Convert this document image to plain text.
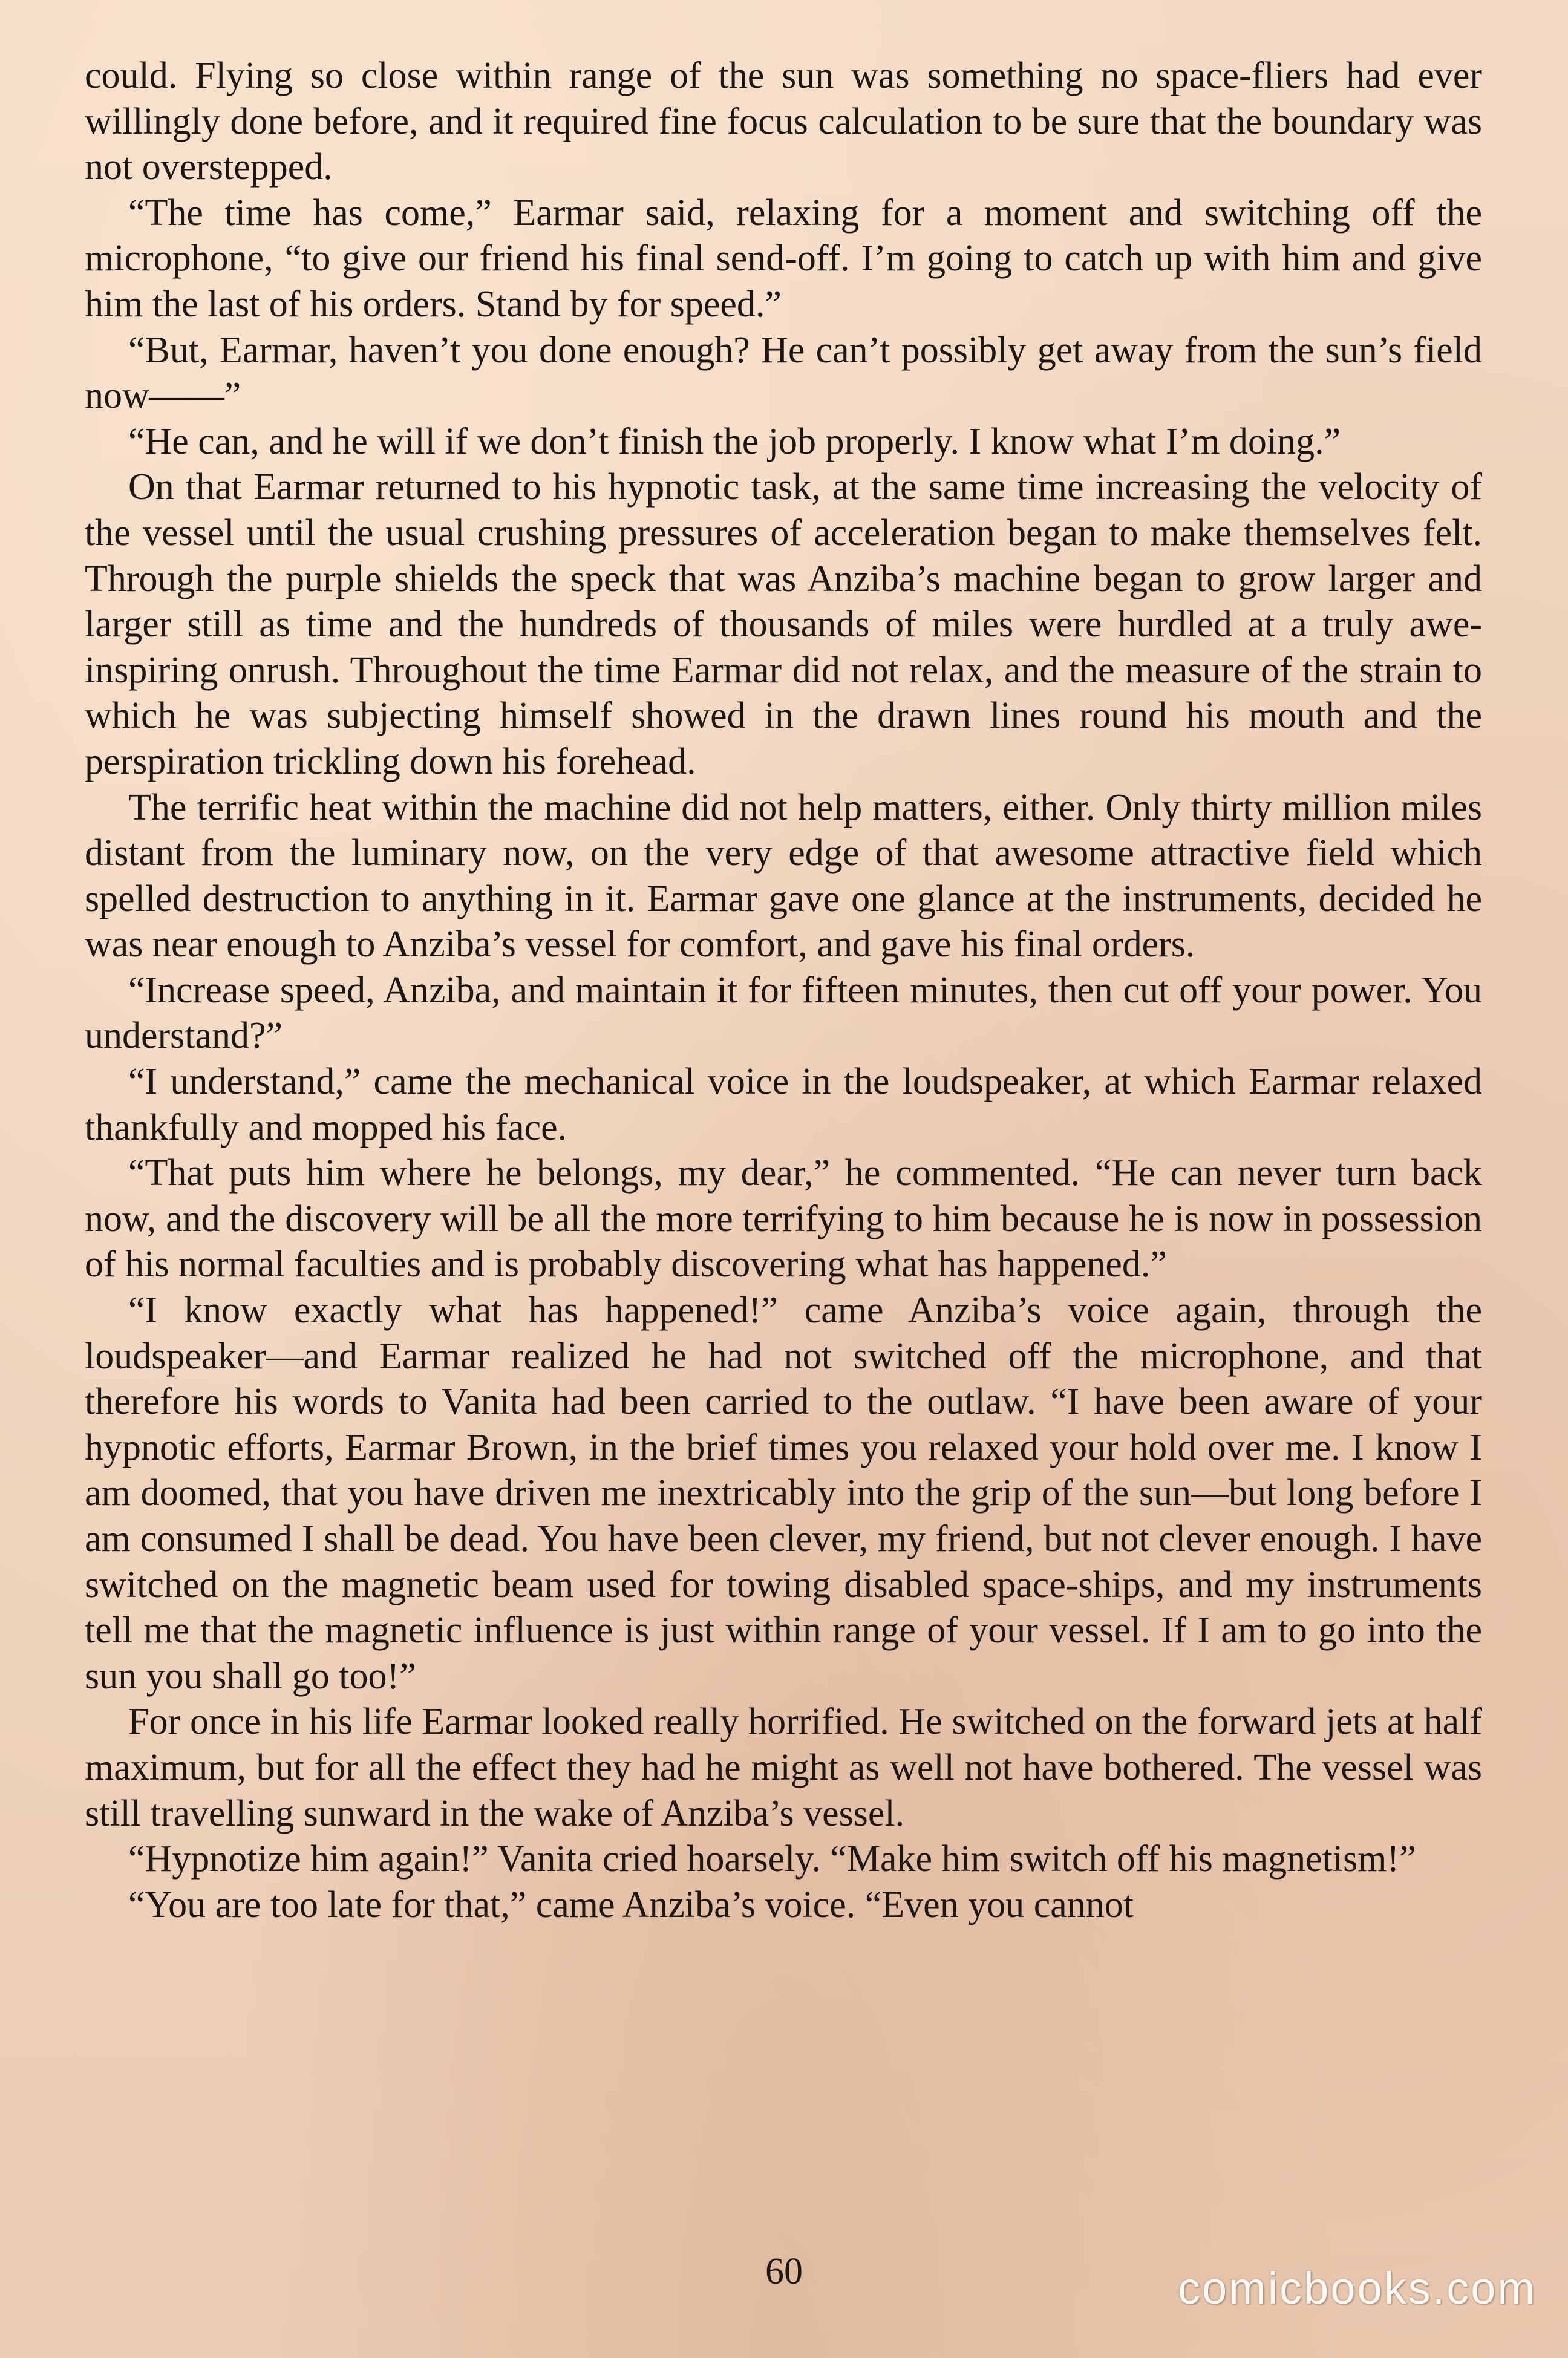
could. Flying so close within range of the sun was something no space-fliers had ever willingly done before, and it required fine focus calculation to be sure that the boundary was not overstepped.

“The time has come,” Earmar said, relaxing for a moment and switching off the microphone, “to give our friend his final send-off. I’m going to catch up with him and give him the last of his orders. Stand by for speed.”

“But, Earmar, haven’t you done enough? He can’t possibly get away from the sun’s field now——”

“He can, and he will if we don’t finish the job properly. I know what I’m doing.”

On that Earmar returned to his hypnotic task, at the same time increasing the velocity of the vessel until the usual crushing pressures of acceleration began to make themselves felt. Through the purple shields the speck that was Anziba’s machine began to grow larger and larger still as time and the hundreds of thousands of miles were hurdled at a truly awe-inspiring onrush. Throughout the time Earmar did not relax, and the measure of the strain to which he was subjecting himself showed in the drawn lines round his mouth and the perspiration trickling down his forehead.

The terrific heat within the machine did not help matters, either. Only thirty million miles distant from the luminary now, on the very edge of that awesome attractive field which spelled destruction to anything in it. Earmar gave one glance at the instruments, decided he was near enough to Anziba’s vessel for comfort, and gave his final orders.

“Increase speed, Anziba, and maintain it for fifteen minutes, then cut off your power. You understand?”

“I understand,” came the mechanical voice in the loudspeaker, at which Earmar relaxed thankfully and mopped his face.

“That puts him where he belongs, my dear,” he commented. “He can never turn back now, and the discovery will be all the more terrifying to him because he is now in possession of his normal faculties and is probably discovering what has happened.”

“I know exactly what has happened!” came Anziba’s voice again, through the loudspeaker—and Earmar realized he had not switched off the microphone, and that therefore his words to Vanita had been carried to the outlaw. “I have been aware of your hypnotic efforts, Earmar Brown, in the brief times you relaxed your hold over me. I know I am doomed, that you have driven me inextricably into the grip of the sun—but long before I am consumed I shall be dead. You have been clever, my friend, but not clever enough. I have switched on the magnetic beam used for towing disabled space-ships, and my instruments tell me that the magnetic influence is just within range of your vessel. If I am to go into the sun you shall go too!”

For once in his life Earmar looked really horrified. He switched on the forward jets at half maximum, but for all the effect they had he might as well not have bothered. The vessel was still travelling sunward in the wake of Anziba’s vessel.

“Hypnotize him again!” Vanita cried hoarsely. “Make him switch off his magnetism!”

“You are too late for that,” came Anziba’s voice. “Even you cannot

60	comicbooks.com
